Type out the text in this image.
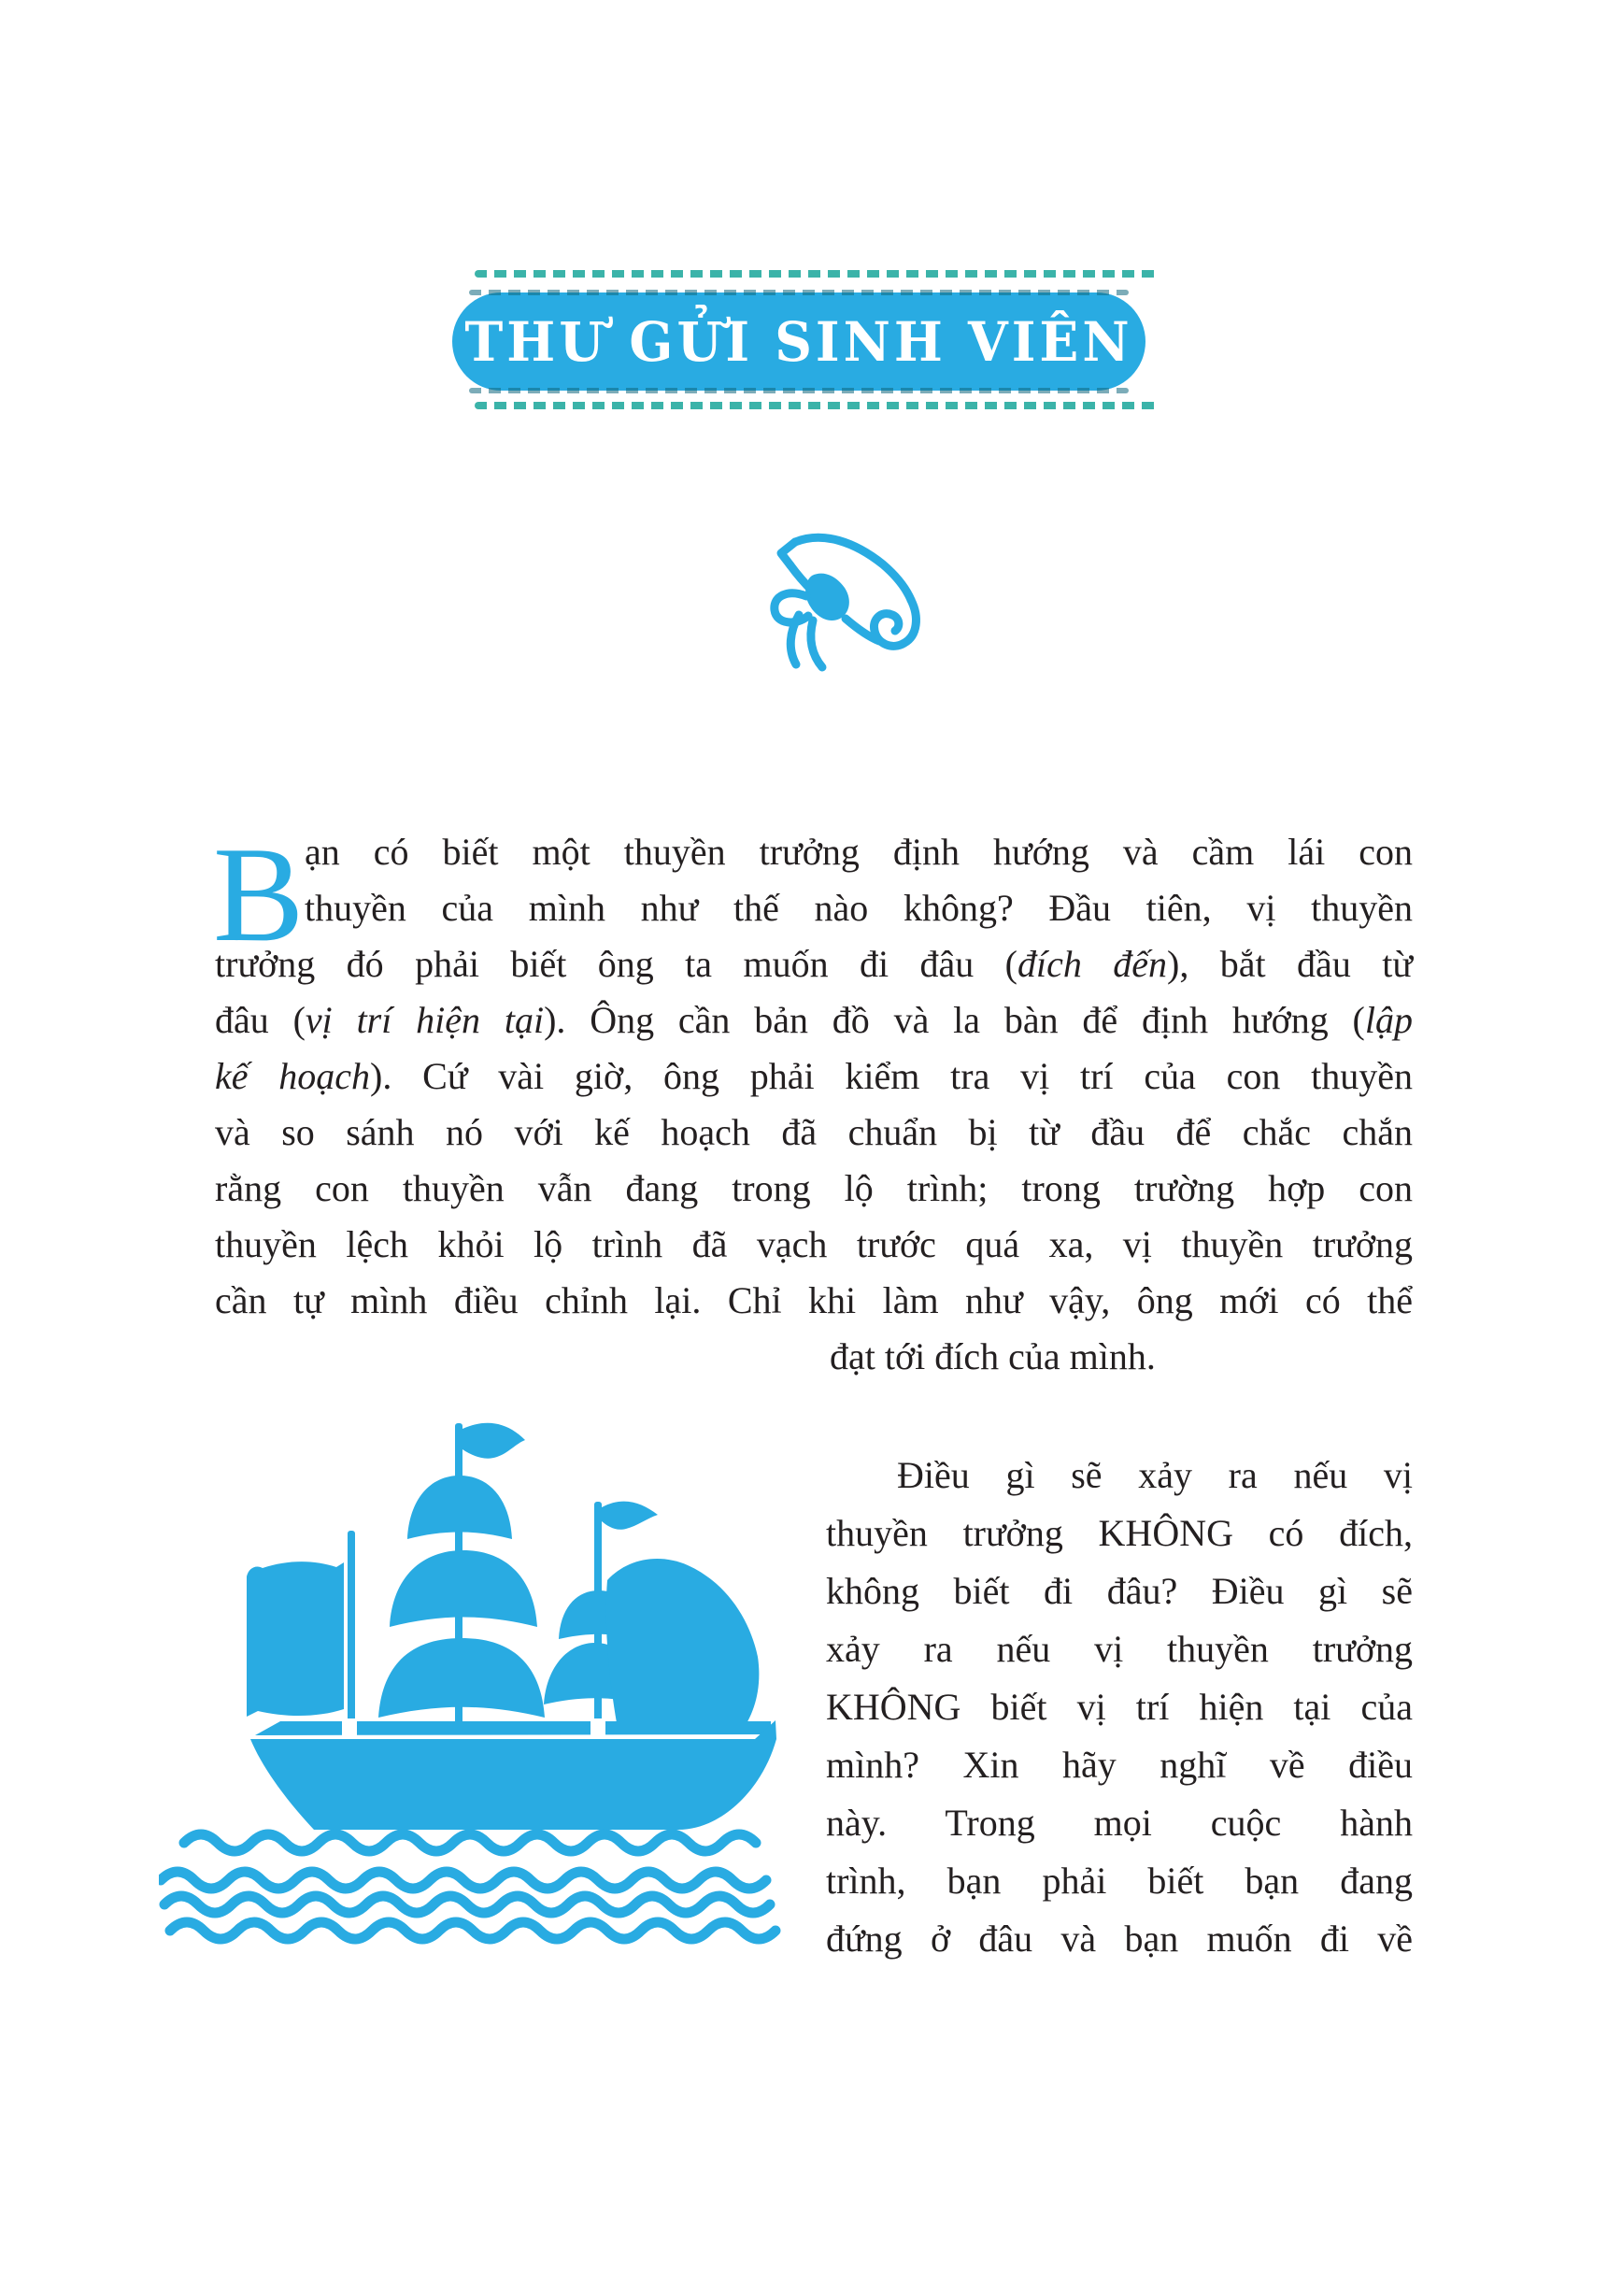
THƯ GỬI SINH VIÊN
B ạn có biết một thuyền trưởng định hướng và cầm lái con
thuyền của mình như thế nào không? Đầu tiên, vị thuyền
trưởng đó phải biết ông ta muốn đi đâu (đích đến), bắt đầu từ
đâu (vị trí hiện tại). Ông cần bản đồ và la bàn để định hướng (lập
kế hoạch). Cứ vài giờ, ông phải kiểm tra vị trí của con thuyền
và so sánh nó với kế hoạch đã chuẩn bị từ đầu để chắc chắn
rằng con thuyền vẫn đang trong lộ trình; trong trường hợp con
thuyền lệch khỏi lộ trình đã vạch trước quá xa, vị thuyền trưởng
cần tự mình điều chỉnh lại. Chỉ khi làm như vậy, ông mới có thể
đạt tới đích của mình.
Điều gì sẽ xảy ra nếu vị
thuyền trưởng KHÔNG có đích,
không biết đi đâu? Điều gì sẽ
xảy ra nếu vị thuyền trưởng
KHÔNG biết vị trí hiện tại của
mình? Xin hãy nghĩ về điều
này. Trong mọi cuộc hành
trình, bạn phải biết bạn đang
đứng ở đâu và bạn muốn đi về
